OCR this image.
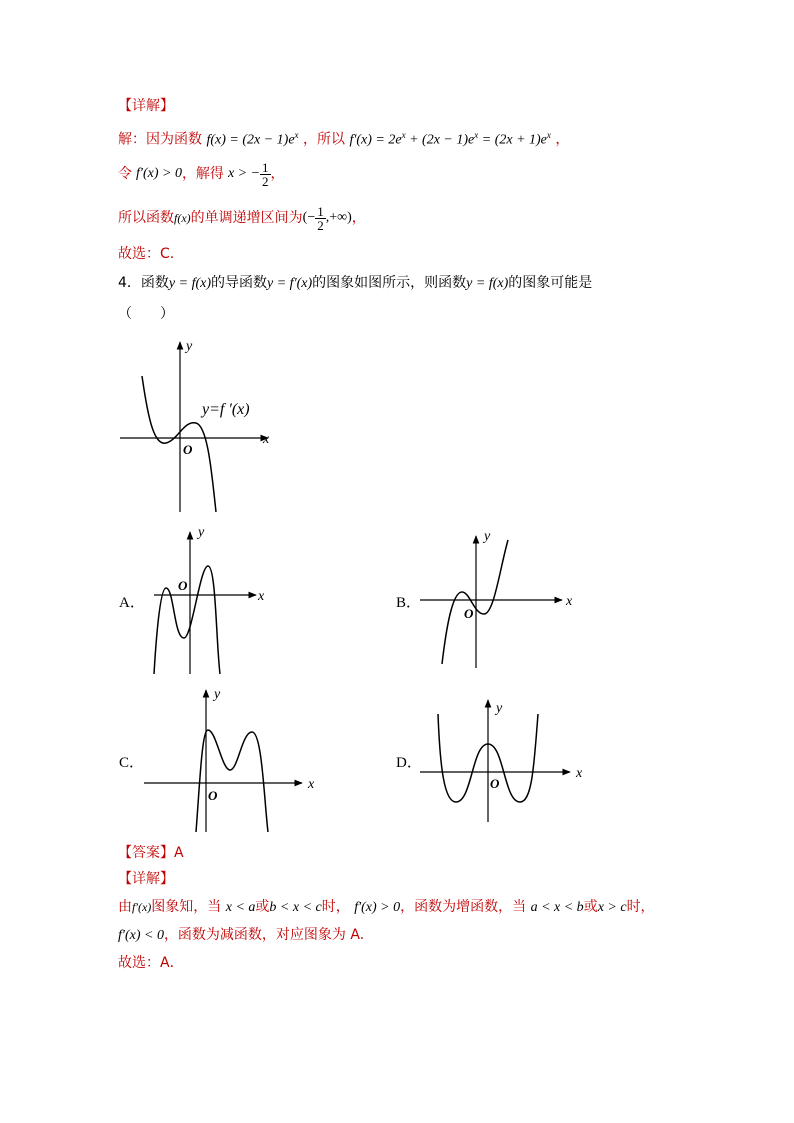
【详解】
解：因为函数 $f(x) = (2x - 1)e^x$ ，所以 $f'(x) = 2e^x + (2x - 1)e^x = (2x + 1)e^x$ ，
令 f′(x) > 0 ，解得 x > − $\frac{1}{2}$ ，
所以函数 f(x) 的单调递增区间为 (− $\frac{1}{2}$ ,+∞) ，
故选：C.
4．函数y = f(x)的导函数y = f′(x)的图象如图所示，则函数y = f(x)的图象可能是
（　　）
x
y
O
y=f ′(x)
A．	x
y
O
B．	x
y
O
C．
x
y
O
D．
x
y
O
【答案】A
【详解】
由f′(x)图象知，当 x < a或b < x < c时， f′(x) > 0，函数为增函数，当 a < x < b或x > c时，
f′(x) < 0，函数为减函数，对应图象为 A.
故选：A．
